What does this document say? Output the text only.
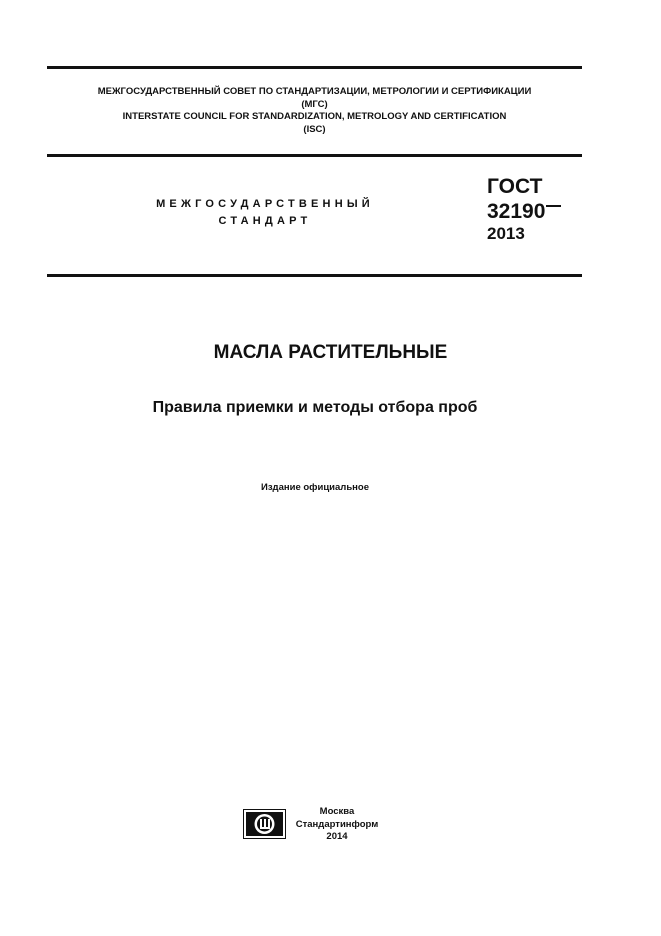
МЕЖГОСУДАРСТВЕННЫЙ СОВЕТ ПО СТАНДАРТИЗАЦИИ, МЕТРОЛОГИИ И СЕРТИФИКАЦИИ
(МГС)
INTERSTATE COUNCIL FOR STANDARDIZATION, METROLOGY AND CERTIFICATION
(ISC)
МЕЖГОСУДАРСТВЕННЫЙ
СТАНДАРТ
ГОСТ
32190
2013
МАСЛА РАСТИТЕЛЬНЫЕ
Правила приемки и методы отбора проб
Издание официальное
Москва
Стандартинформ
2014
